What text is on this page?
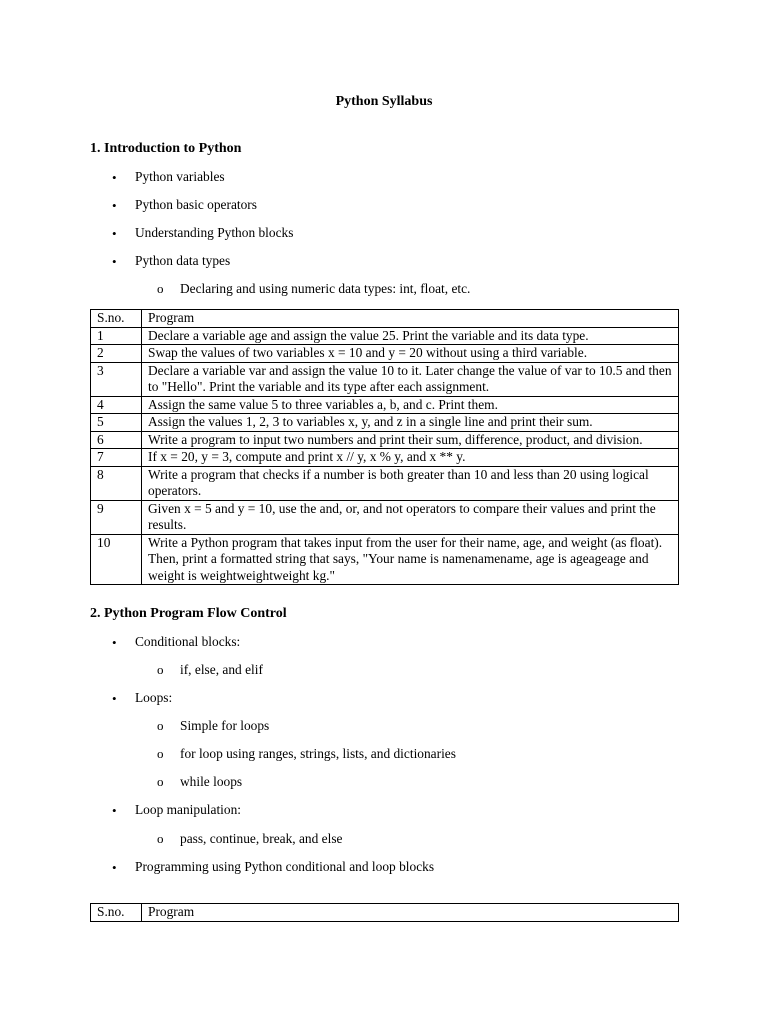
Python Syllabus
1. Introduction to Python
• Python variables
• Python basic operators
• Understanding Python blocks
• Python data types
o Declaring and using numeric data types: int, float, etc.
S.no.	Program
1	Declare a variable age and assign the value 25. Print the variable and its data type.
2	Swap the values of two variables x = 10 and y = 20 without using a third variable.
3	Declare a variable var and assign the value 10 to it. Later change the value of var to 10.5 and then to "Hello". Print the variable and its type after each assignment.
4	Assign the same value 5 to three variables a, b, and c. Print them.
5	Assign the values 1, 2, 3 to variables x, y, and z in a single line and print their sum.
6	Write a program to input two numbers and print their sum, difference, product, and division.
7	If x = 20, y = 3, compute and print x // y, x % y, and x ** y.
8	Write a program that checks if a number is both greater than 10 and less than 20 using logical operators.
9	Given x = 5 and y = 10, use the and, or, and not operators to compare their values and print the results.
10	Write a Python program that takes input from the user for their name, age, and weight (as float). Then, print a formatted string that says, "Your name is namenamename, age is ageageage and weight is weightweightweight kg."
2. Python Program Flow Control
• Conditional blocks:
o if, else, and elif
• Loops:
o Simple for loops
o for loop using ranges, strings, lists, and dictionaries
o while loops
• Loop manipulation:
o pass, continue, break, and else
• Programming using Python conditional and loop blocks
S.no.	Program
